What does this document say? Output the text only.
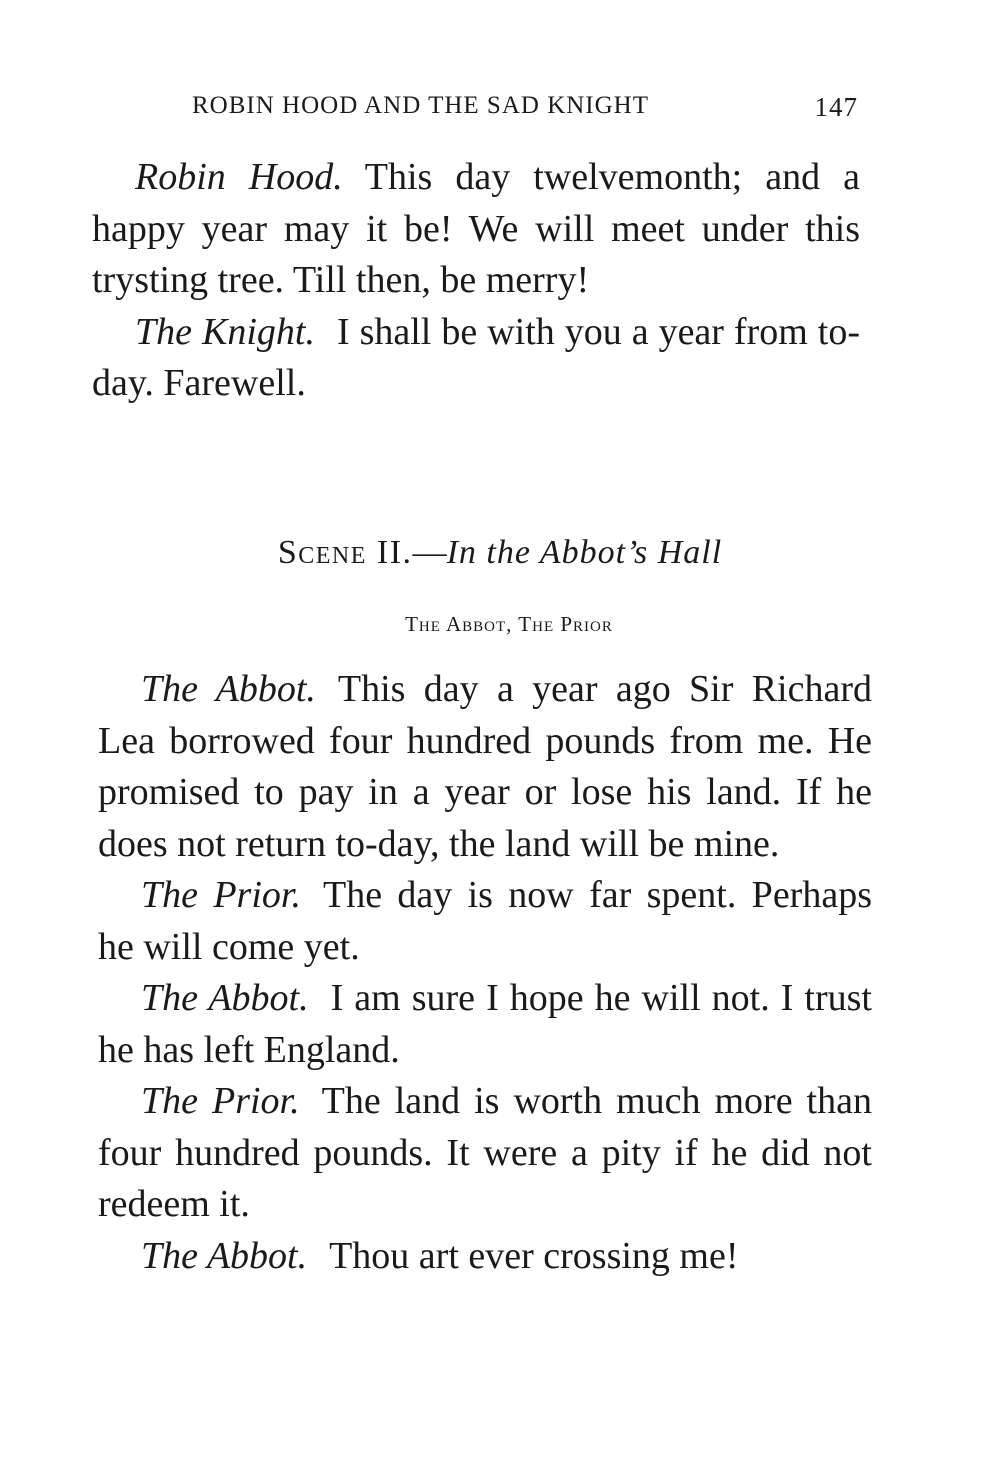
ROBIN HOOD AND THE SAD KNIGHT	147

Robin Hood. This day twelvemonth; and a happy year may it be! We will meet under this trysting tree. Till then, be merry!

The Knight. I shall be with you a year from to-day. Farewell.

Scene II.—In the Abbot’s Hall
The Abbot, The Prior

The Abbot. This day a year ago Sir Richard Lea borrowed four hundred pounds from me. He promised to pay in a year or lose his land. If he does not return to-day, the land will be mine.

The Prior. The day is now far spent. Perhaps he will come yet.

The Abbot. I am sure I hope he will not. I trust he has left England.

The Prior. The land is worth much more than four hundred pounds. It were a pity if he did not redeem it.

The Abbot. Thou art ever crossing me!
